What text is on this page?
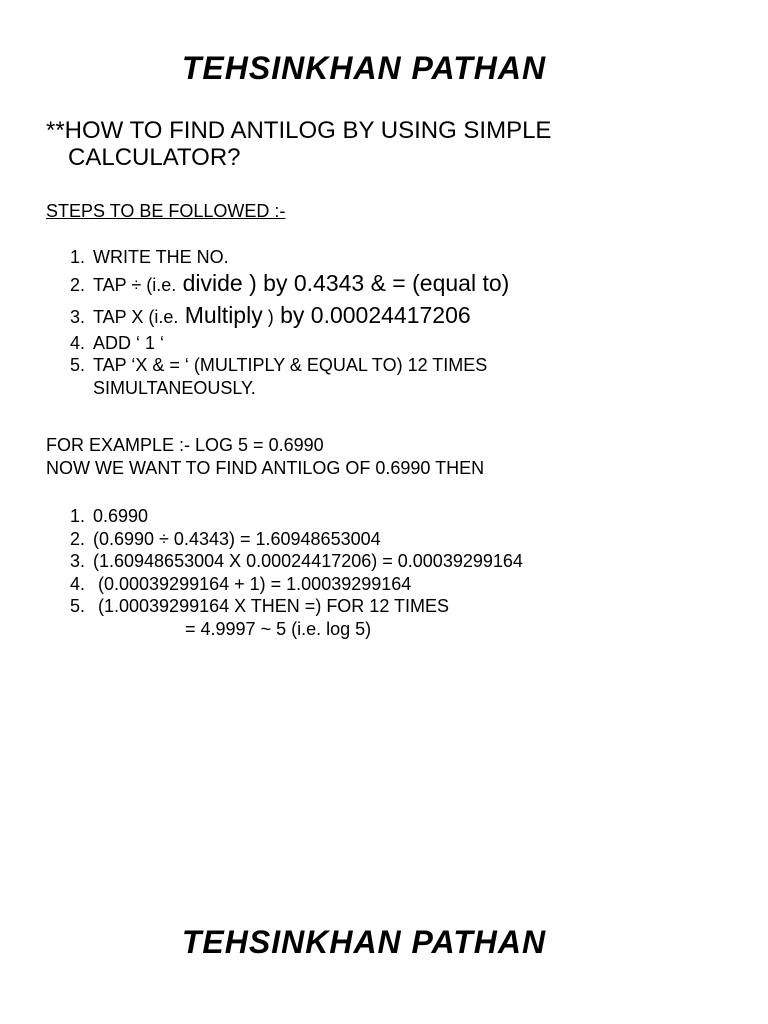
TEHSINKHAN PATHAN
**HOW TO FIND ANTILOG BY USING SIMPLE
CALCULATOR?
STEPS TO BE FOLLOWED :-
1. WRITE THE NO.
2. TAP ÷ (i.e. divide ) by 0.4343 & = (equal to)
3. TAP X (i.e. Multiply ) by 0.00024417206
4. ADD ‘ 1 ‘
5. TAP ‘X & = ‘ (MULTIPLY & EQUAL TO) 12 TIMES
SIMULTANEOUSLY.
FOR EXAMPLE :- LOG 5 = 0.6990
NOW WE WANT TO FIND ANTILOG OF 0.6990 THEN
1. 0.6990
2. (0.6990 ÷ 0.4343) = 1.60948653004
3. (1.60948653004 X 0.00024417206) = 0.00039299164
4. (0.00039299164 + 1) = 1.00039299164
5. (1.00039299164 X THEN =) FOR 12 TIMES
= 4.9997 ~ 5 (i.e. log 5)
TEHSINKHAN PATHAN
